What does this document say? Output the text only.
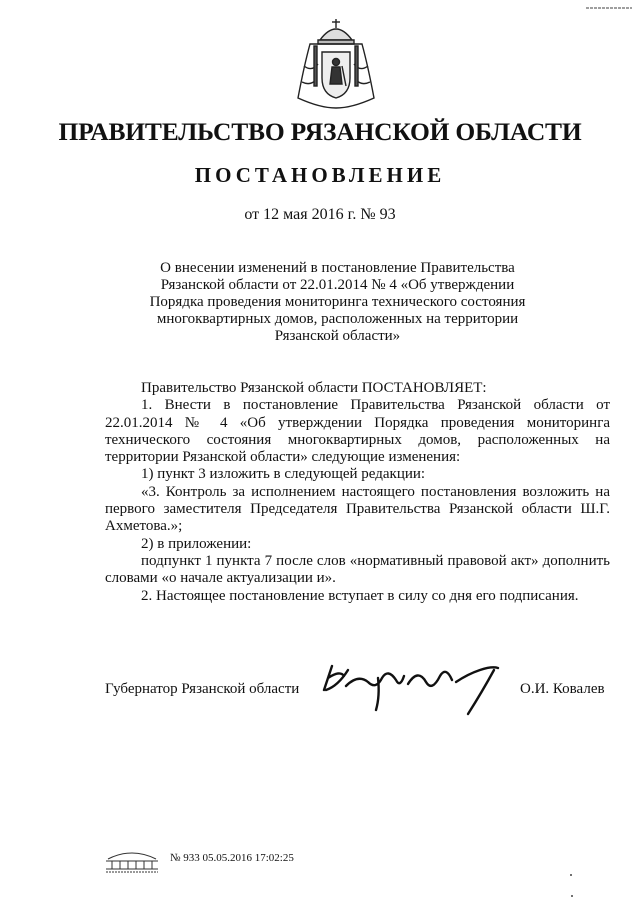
ПРАВИТЕЛЬСТВО РЯЗАНСКОЙ ОБЛАСТИ
ПОСТАНОВЛЕНИЕ
от 12 мая 2016 г. № 93
О внесении изменений в постановление Правительства
Рязанской области от 22.01.2014 № 4 «Об утверждении
Порядка проведения мониторинга технического состояния
многоквартирных домов, расположенных на территории
Рязанской области»

Правительство Рязанской области ПОСТАНОВЛЯЕТ:

1. Внести в постановление Правительства Рязанской области от 22.01.2014 № 4 «Об утверждении Порядка проведения мониторинга технического состояния многоквартирных домов, расположенных на территории Рязанской области» следующие изменения:

1) пункт 3 изложить в следующей редакции:

«3. Контроль за исполнением настоящего постановления возложить на первого заместителя Председателя Правительства Рязанской области Ш.Г. Ахметова.»;

2) в приложении:

подпункт 1 пункта 7 после слов «нормативный правовой акт» дополнить словами «о начале актуализации и».

2. Настоящее постановление вступает в силу со дня его подписания.

Губернатор Рязанской области	О.И. Ковалев
№ 933 05.05.2016 17:02:25
